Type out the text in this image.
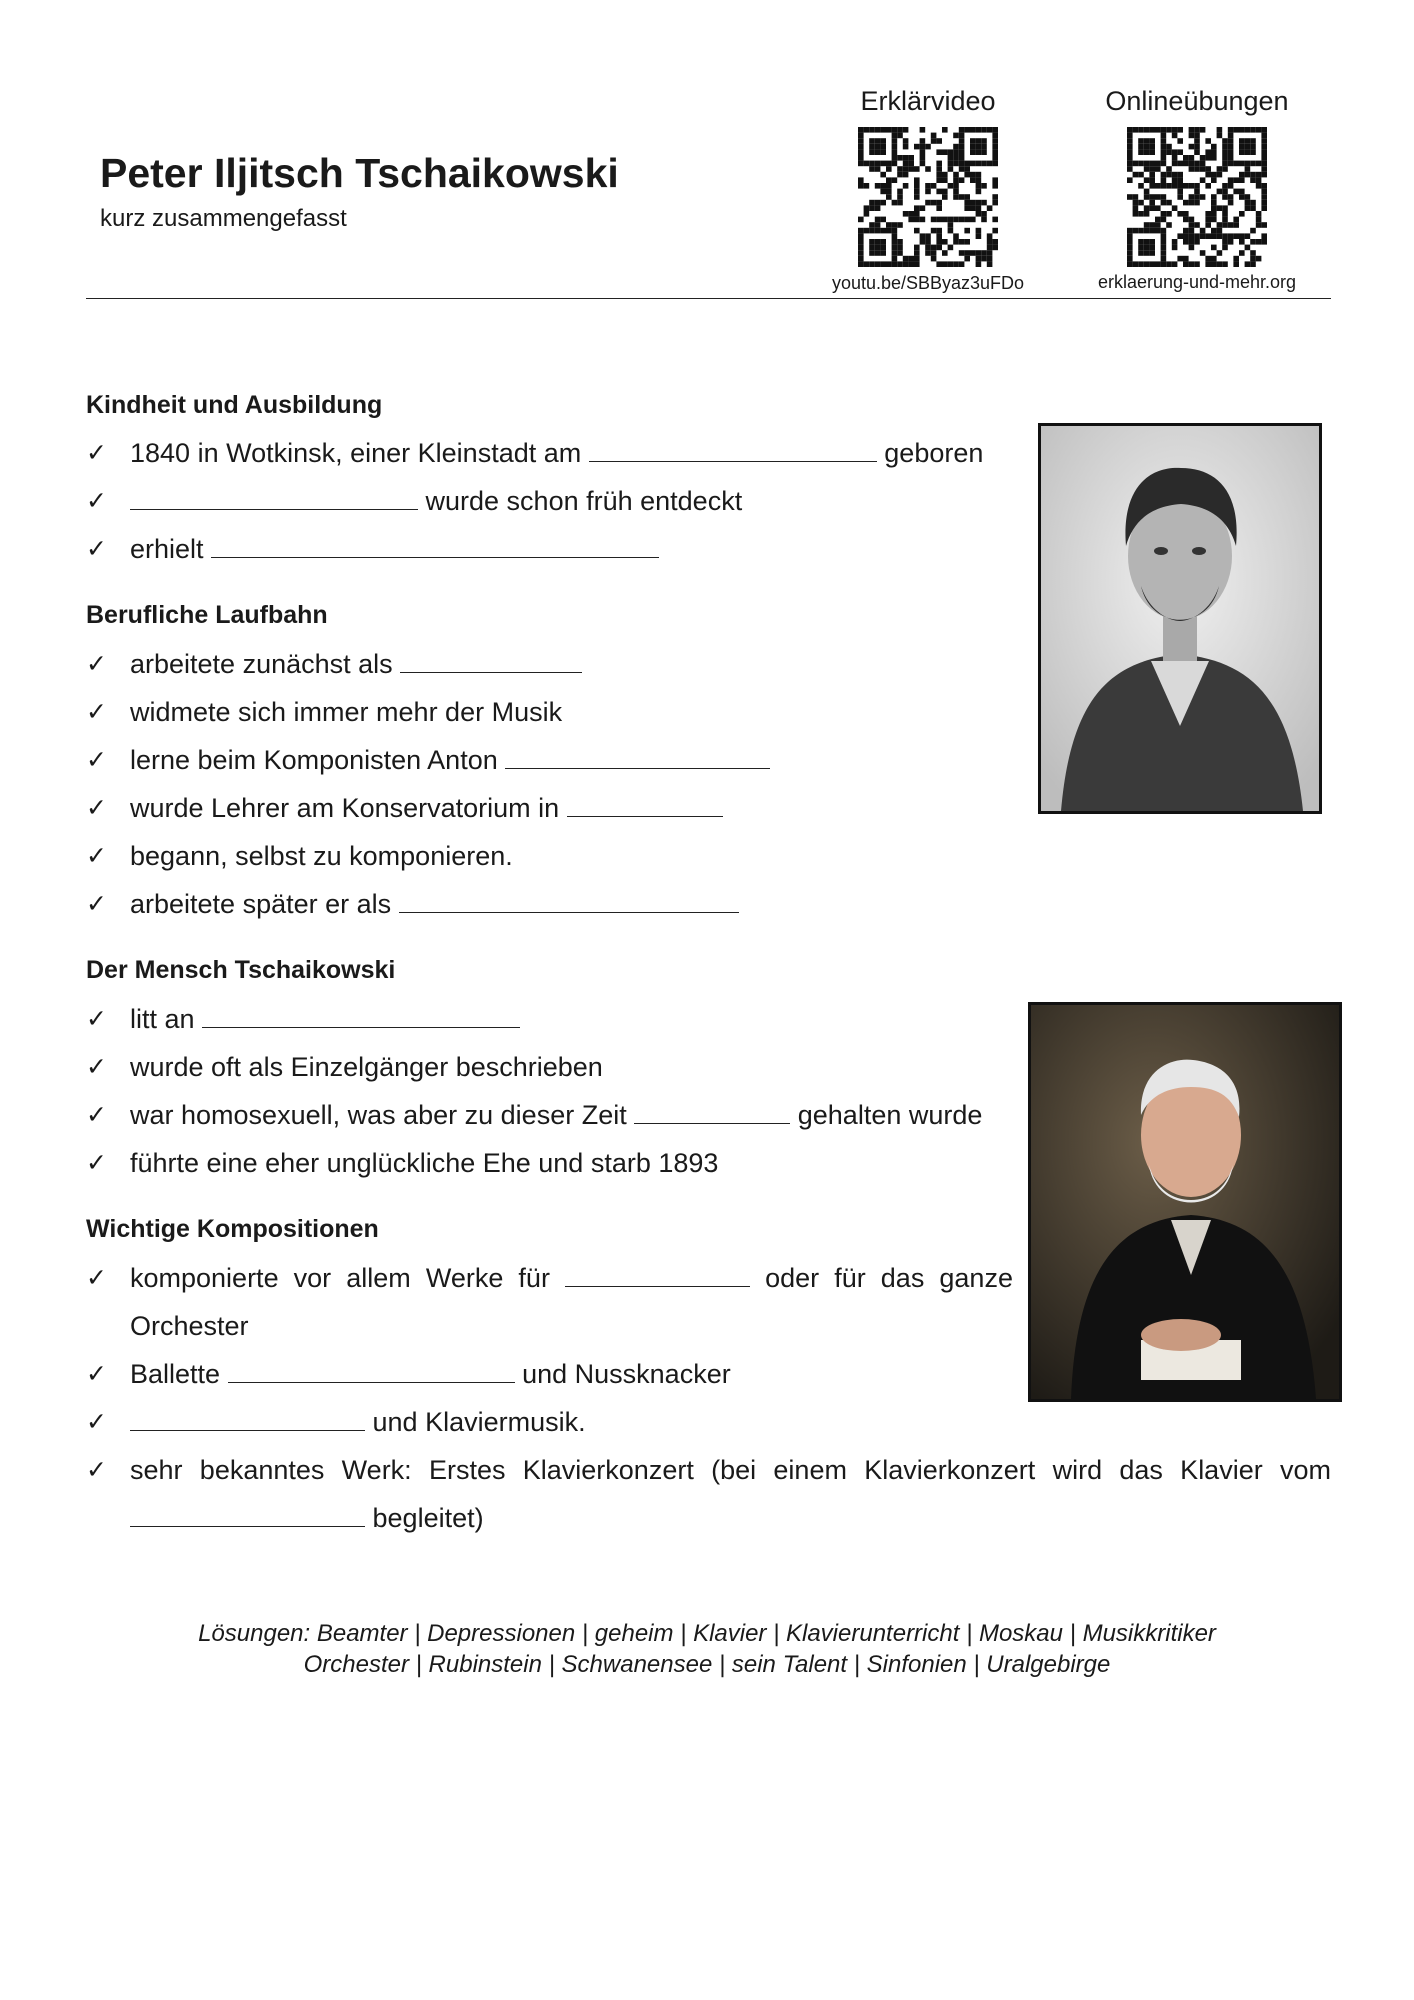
Peter Iljitsch Tschaikowski
kurz zusammengefasst
Erklärvideo
youtu.be/SBByaz3uFDo
Onlineübungen
erklaerung-und-mehr.org
Kindheit und Ausbildung
✓ 1840 in Wotkinsk, einer Kleinstadt am	geboren
✓	wurde schon früh entdeckt
✓ erhielt
Berufliche Laufbahn
✓ arbeitete zunächst als
✓ widmete sich immer mehr der Musik
✓ lerne beim Komponisten Anton
✓ wurde Lehrer am Konservatorium in
✓ begann, selbst zu komponieren.
✓ arbeitete später er als
Der Mensch Tschaikowski
✓ litt an
✓ wurde oft als Einzelgänger beschrieben
✓ war homosexuell, was aber zu dieser Zeit	gehalten wurde
✓ führte eine eher unglückliche Ehe und starb 1893
Wichtige Kompositionen
✓ komponierte vor allem Werke für	oder für das ganze
Orchester
✓ Ballette	und Nussknacker
✓	und Klaviermusik.
✓ sehr bekanntes Werk: Erstes Klavierkonzert (bei einem Klavierkonzert wird das Klavier vom
begleitet)
Lösungen: Beamter | Depressionen | geheim | Klavier | Klavierunterricht | Moskau | Musikkritiker
Orchester | Rubinstein | Schwanensee | sein Talent | Sinfonien | Uralgebirge
